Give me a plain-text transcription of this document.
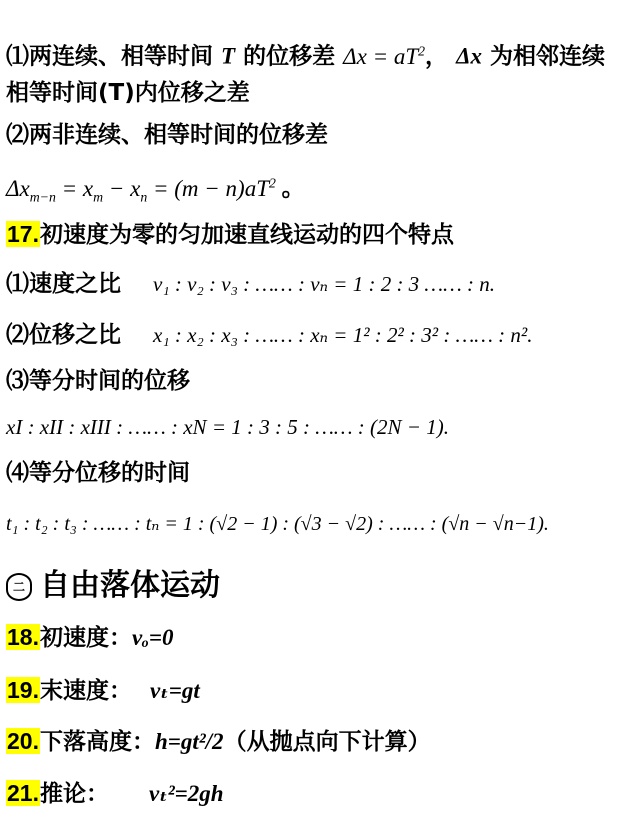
⑴两连续、相等时间 T 的位移差 $\Delta x = aT^2$， Δx 为相邻连续
相等时间(T)内位移之差
⑵两非连续、相等时间的位移差
$\Delta x_{m-n} = x_m - x_n = (m - n)aT^2$ 。
17.初速度为零的匀加速直线运动的四个特点
⑴速度之比 v₁ : v₂ : v₃ : …… : vₙ = 1 : 2 : 3 …… : n.
⑵位移之比 x₁ : x₂ : x₃ : …… : xₙ = 1² : 2² : 3² : …… : n².
⑶等分时间的位移
xI : xII : xIII : …… : xN = 1 : 3 : 5 : …… : (2N − 1).
⑷等分位移的时间
t₁ : t₂ : t₃ : …… : tₙ = 1 : (√2 − 1) : (√3 − √2) : …… : (√n − √n−1).
二 自由落体运动
18.初速度：vₒ=0
19.末速度： vₜ=gt
20.下落高度：h=gt²/2（从抛点向下计算）
21.推论： vₜ²=2gh
